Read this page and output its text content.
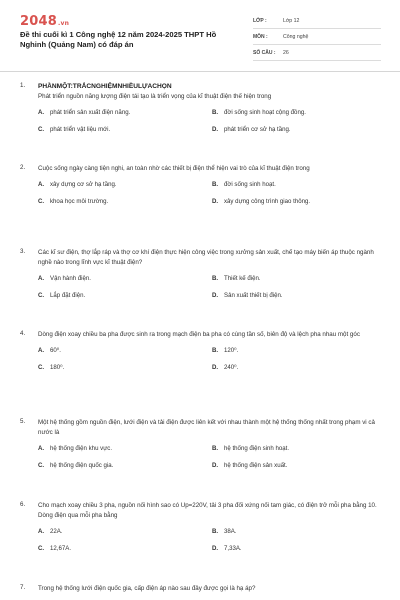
2048.vn
Đề thi cuối kì 1 Công nghệ 12 năm 2024-2025 THPT Hồ Nghinh (Quảng Nam) có đáp án
LỚP :	Lớp 12
MÔN :	Công nghệ
SỐ CÂU :	26
1. PHẦNMỘT:TRẮCNGHIỆMNHIỀULỰACHỌN
Phát triển nguồn năng lượng điện tái tạo là triển vọng của kĩ thuật điện thế hiện trong
A. phát triển sản xuất điện năng.	B. đời sống sinh hoạt cộng đồng.
C. phát triển vật liệu mới.	D. phát triển cơ sở hạ tầng.
2. Cuộc sống ngày càng tiện nghi, an toàn nhờ các thiết bị điện thể hiện vai trò của kĩ thuật điện trong
A. xây dựng cơ sở hạ tầng.	B. đời sống sinh hoạt.
C. khoa học môi trường.	D. xây dựng công trình giao thông.
3. Các kĩ sư điện, thợ lắp ráp và thợ cơ khí điện thực hiện công việc trong xưởng sản xuất, chế tạo máy biến áp thuộc ngành nghề nào trong lĩnh vực kĩ thuật điện?
A. Vận hành điện.	B. Thiết kế điện.
C. Lắp đặt điện.	D. Sản xuất thiết bị điện.
4. Dòng điện xoay chiều ba pha được sinh ra trong mạch điện ba pha có cùng tần số, biên độ và lệch pha nhau một góc
A. 60⁰.	B. 120⁰.
C. 180⁰.	D. 240⁰.
5. Một hệ thống gồm nguồn điện, lưới điện và tải điện được liên kết với nhau thành một hệ thống thống nhất trong phạm vi cả nước là
A. hệ thống điện khu vực.	B. hệ thống điện sinh hoạt.
C. hệ thống điện quốc gia.	D. hệ thống điện sản xuất.
6. Cho mạch xoay chiều 3 pha, nguồn nối hình sao có Up=220V, tải 3 pha đối xứng nối tam giác, có điện trở mỗi pha bằng 10. Dòng điện qua mỗi pha bằng
A. 22A.	B. 38A.
C. 12,67A.	D. 7,33A.
7. Trong hệ thống lưới điện quốc gia, cấp điện áp nào sau đây được gọi là hạ áp?
